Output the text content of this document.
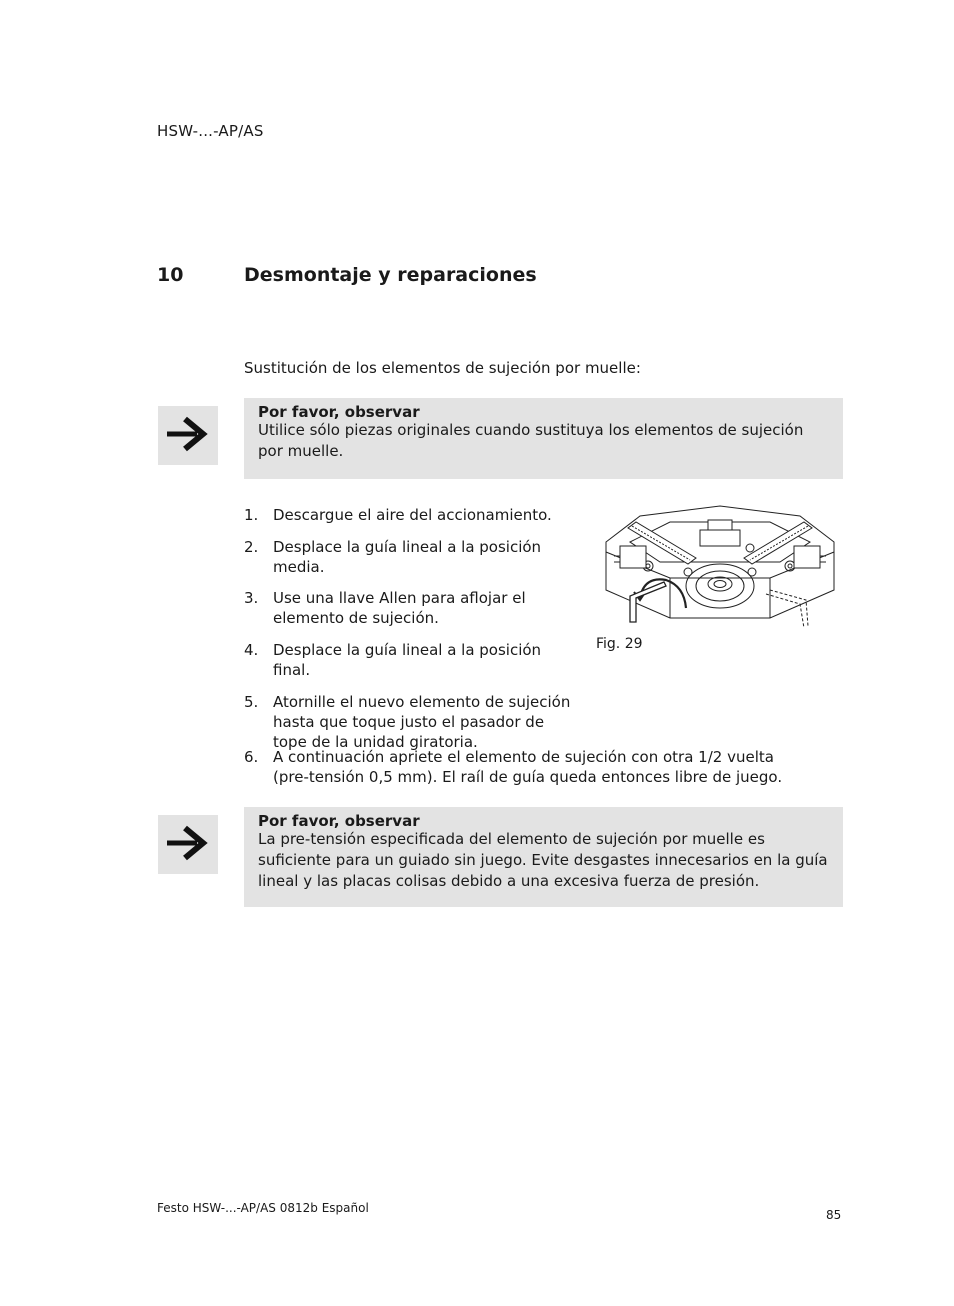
HSW-...-AP/AS
10	Desmontaje y reparaciones
Sustitución de los elementos de sujeción por muelle:
Por favor, observar
Utilice sólo piezas originales cuando sustituya los elementos de sujeción por muelle.
1. Descargue el aire del accionamiento.
2. Desplace la guía lineal a la posición media.
3. Use una llave Allen para aflojar el elemento de sujeción.
4. Desplace la guía lineal a la posición final.
5. Atornille el nuevo elemento de sujeción hasta que toque justo el pasador de tope de la unidad giratoria.
6. A continuación apriete el elemento de sujeción con otra 1/2 vuelta (pre-tensión 0,5 mm). El raíl de guía queda entonces libre de juego.
Fig. 29
Por favor, observar
La pre-tensión especificada del elemento de sujeción por muelle es suficiente para un guiado sin juego. Evite desgastes innecesarios en la guía lineal y las placas colisas debido a una excesiva fuerza de presión.
Festo HSW-...-AP/AS 0812b Español	85
